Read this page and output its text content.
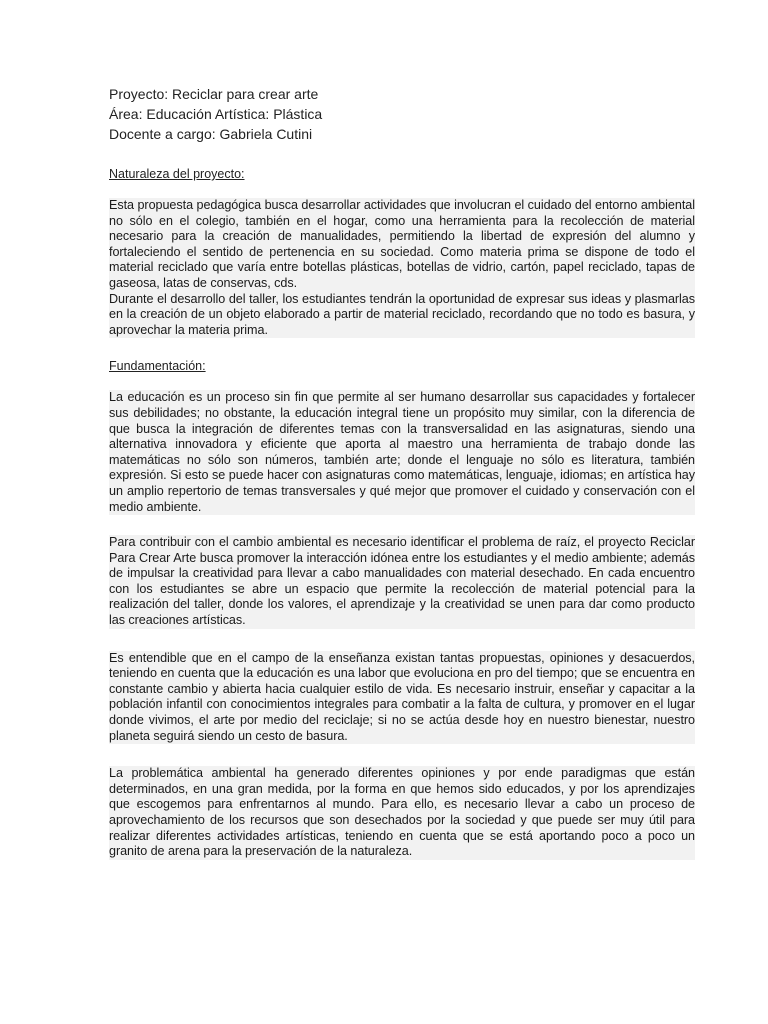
Proyecto: Reciclar para crear arte

Área: Educación Artística: Plástica

Docente a cargo: Gabriela Cutini

Naturaleza del proyecto:

Esta propuesta pedagógica busca desarrollar actividades que involucran el cuidado del entorno ambiental no sólo en el colegio, también en el hogar, como una herramienta para la recolección de material necesario para la creación de manualidades, permitiendo la libertad de expresión del alumno y fortaleciendo el sentido de pertenencia en su sociedad. Como materia prima se dispone de todo el material reciclado que varía entre botellas plásticas, botellas de vidrio, cartón, papel reciclado, tapas de gaseosa, latas de conservas, cds.

Durante el desarrollo del taller, los estudiantes tendrán la oportunidad de expresar sus ideas y plasmarlas en la creación de un objeto elaborado a partir de material reciclado, recordando que no todo es basura, y aprovechar la materia prima.

Fundamentación:

La educación es un proceso sin fin que permite al ser humano desarrollar sus capacidades y fortalecer sus debilidades; no obstante, la educación integral tiene un propósito muy similar, con la diferencia de que busca la integración de diferentes temas con la transversalidad en las asignaturas, siendo una alternativa innovadora y eficiente que aporta al maestro una herramienta de trabajo donde las matemáticas no sólo son números, también arte; donde el lenguaje no sólo es literatura, también expresión. Si esto se puede hacer con asignaturas como matemáticas, lenguaje, idiomas; en artística hay un amplio repertorio de temas transversales y qué mejor que promover el cuidado y conservación con el medio ambiente.

Para contribuir con el cambio ambiental es necesario identificar el problema de raíz, el proyecto Reciclar Para Crear Arte busca promover la interacción idónea entre los estudiantes y el medio ambiente; además de impulsar la creatividad para llevar a cabo manualidades con material desechado. En cada encuentro con los estudiantes se abre un espacio que permite la recolección de material potencial para la realización del taller, donde los valores, el aprendizaje y la creatividad se unen para dar como producto las creaciones artísticas.

Es entendible que en el campo de la enseñanza existan tantas propuestas, opiniones y desacuerdos, teniendo en cuenta que la educación es una labor que evoluciona en pro del tiempo; que se encuentra en constante cambio y abierta hacia cualquier estilo de vida. Es necesario instruir, enseñar y capacitar a la población infantil con conocimientos integrales para combatir a la falta de cultura, y promover en el lugar donde vivimos, el arte por medio del reciclaje; si no se actúa desde hoy en nuestro bienestar, nuestro planeta seguirá siendo un cesto de basura.

La problemática ambiental ha generado diferentes opiniones y por ende paradigmas que están determinados, en una gran medida, por la forma en que hemos sido educados, y por los aprendizajes que escogemos para enfrentarnos al mundo. Para ello, es necesario llevar a cabo un proceso de aprovechamiento de los recursos que son desechados por la sociedad y que puede ser muy útil para realizar diferentes actividades artísticas, teniendo en cuenta que se está aportando poco a poco un granito de arena para la preservación de la naturaleza.
